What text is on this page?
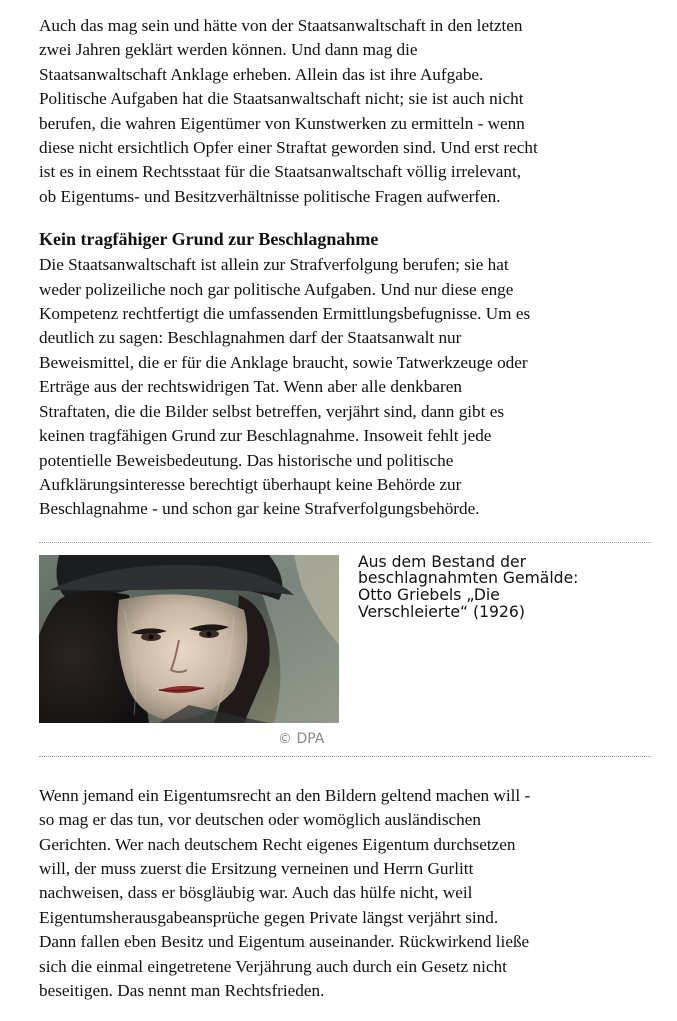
Auch das mag sein und hätte von der Staatsanwaltschaft in den letzten
zwei Jahren geklärt werden können. Und dann mag die
Staatsanwaltschaft Anklage erheben. Allein das ist ihre Aufgabe.
Politische Aufgaben hat die Staatsanwaltschaft nicht; sie ist auch nicht
berufen, die wahren Eigentümer von Kunstwerken zu ermitteln - wenn
diese nicht ersichtlich Opfer einer Straftat geworden sind. Und erst recht
ist es in einem Rechtsstaat für die Staatsanwaltschaft völlig irrelevant,
ob Eigentums- und Besitzverhältnisse politische Fragen aufwerfen.

Kein tragfähiger Grund zur Beschlagnahme

Die Staatsanwaltschaft ist allein zur Strafverfolgung berufen; sie hat
weder polizeiliche noch gar politische Aufgaben. Und nur diese enge
Kompetenz rechtfertigt die umfassenden Ermittlungsbefugnisse. Um es
deutlich zu sagen: Beschlagnahmen darf der Staatsanwalt nur
Beweismittel, die er für die Anklage braucht, sowie Tatwerkzeuge oder
Erträge aus der rechtswidrigen Tat. Wenn aber alle denkbaren
Straftaten, die die Bilder selbst betreffen, verjährt sind, dann gibt es
keinen tragfähigen Grund zur Beschlagnahme. Insoweit fehlt jede
potentielle Beweisbedeutung. Das historische und politische
Aufklärungsinteresse berechtigt überhaupt keine Behörde zur
Beschlagnahme - und schon gar keine Strafverfolgungsbehörde.

© DPA
Aus dem Bestand der
beschlagnahmten Gemälde:
Otto Griebels „Die
Verschleierte“ (1926)

Wenn jemand ein Eigentumsrecht an den Bildern geltend machen will -
so mag er das tun, vor deutschen oder womöglich ausländischen
Gerichten. Wer nach deutschem Recht eigenes Eigentum durchsetzen
will, der muss zuerst die Ersitzung verneinen und Herrn Gurlitt
nachweisen, dass er bösgläubig war. Auch das hülfe nicht, weil
Eigentumsherausgabeansprüche gegen Private längst verjährt sind.
Dann fallen eben Besitz und Eigentum auseinander. Rückwirkend ließe
sich die einmal eingetretene Verjährung auch durch ein Gesetz nicht
beseitigen. Das nennt man Rechtsfrieden.
